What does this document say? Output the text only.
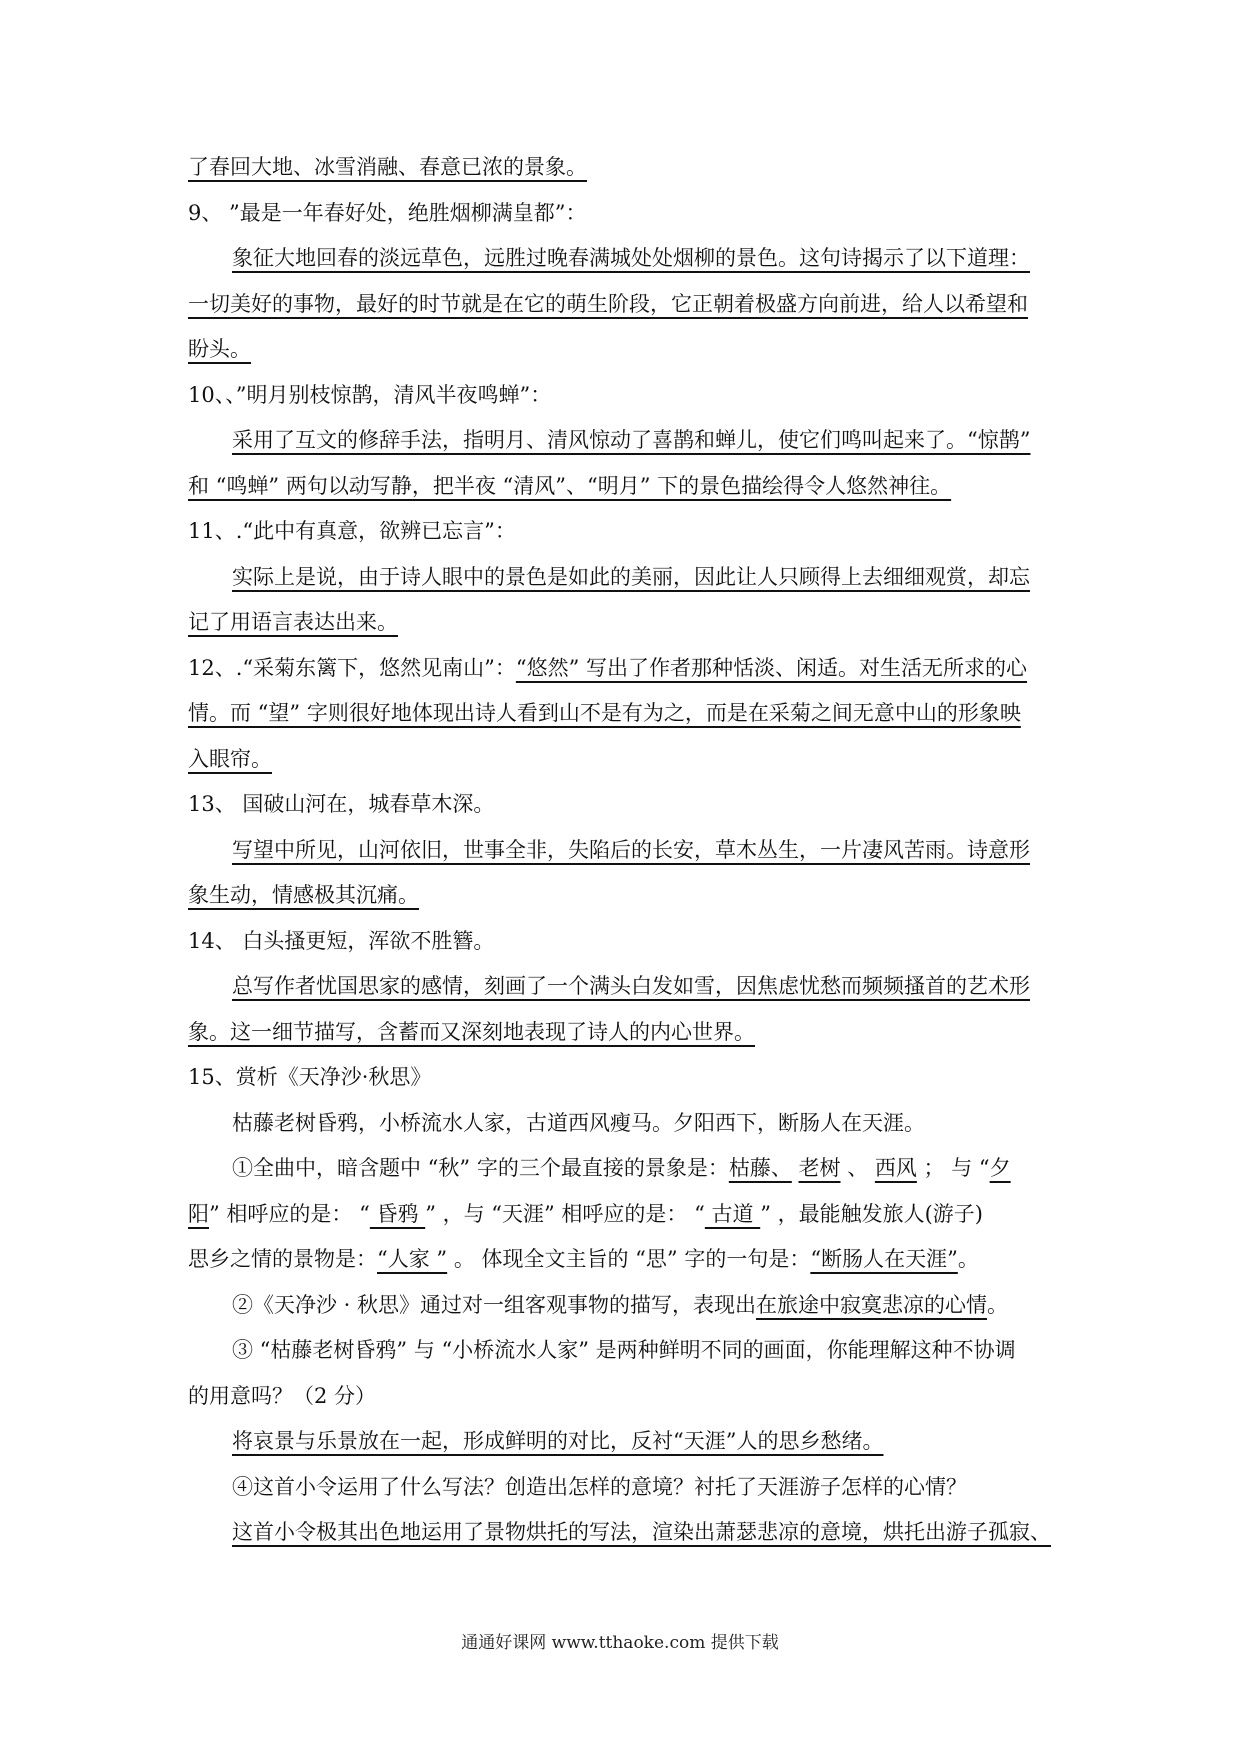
了春回大地、冰雪消融、春意已浓的景象。
9、 ”最是一年春好处，绝胜烟柳满皇都”：
象征大地回春的淡远草色，远胜过晚春满城处处烟柳的景色。这句诗揭示了以下道理：
一切美好的事物，最好的时节就是在它的萌生阶段，它正朝着极盛方向前进，给人以希望和
盼头。
10、、”明月别枝惊鹊，清风半夜鸣蝉”：
采用了互文的修辞手法，指明月、清风惊动了喜鹊和蝉儿，使它们鸣叫起来了。“惊鹊”
和 “鸣蝉” 两句以动写静，把半夜 “清风”、“明月” 下的景色描绘得令人悠然神往。
11、.“此中有真意，欲辨已忘言”：
实际上是说，由于诗人眼中的景色是如此的美丽，因此让人只顾得上去细细观赏，却忘
记了用语言表达出来。
12、.“采菊东篱下，悠然见南山”：“悠然” 写出了作者那种恬淡、闲适。对生活无所求的心
情。而 “望” 字则很好地体现出诗人看到山不是有为之，而是在采菊之间无意中山的形象映
入眼帘。
13、 国破山河在，城春草木深。
写望中所见，山河依旧，世事全非，失陷后的长安，草木丛生，一片凄风苦雨。诗意形
象生动，情感极其沉痛。
14、 白头搔更短，浑欲不胜簪。
总写作者忧国思家的感情，刻画了一个满头白发如雪，因焦虑忧愁而频频搔首的艺术形
象。这一细节描写，含蓄而又深刻地表现了诗人的内心世界。
15、赏析《天净沙·秋思》
枯藤老树昏鸦，小桥流水人家，古道西风瘦马。夕阳西下，断肠人在天涯。
①全曲中，暗含题中 “秋” 字的三个最直接的景象是：枯藤、 老树 、 西风 ； 与 “夕
阳” 相呼应的是： “ 昏鸦 ” ，与 “天涯” 相呼应的是： “ 古道 ” ，最能触发旅人(游子)
思乡之情的景物是：“人家 ” 。 体现全文主旨的 “思” 字的一句是：“断肠人在天涯”。
②《天净沙 · 秋思》通过对一组客观事物的描写，表现出在旅途中寂寞悲凉的心情。
③ “枯藤老树昏鸦” 与 “小桥流水人家” 是两种鲜明不同的画面，你能理解这种不协调
的用意吗？（2 分）
将哀景与乐景放在一起，形成鲜明的对比，反衬“天涯”人的思乡愁绪。
④这首小令运用了什么写法？创造出怎样的意境？衬托了天涯游子怎样的心情？
这首小令极其出色地运用了景物烘托的写法，渲染出萧瑟悲凉的意境，烘托出游子孤寂、
通通好课网 www.tthaoke.com 提供下载
